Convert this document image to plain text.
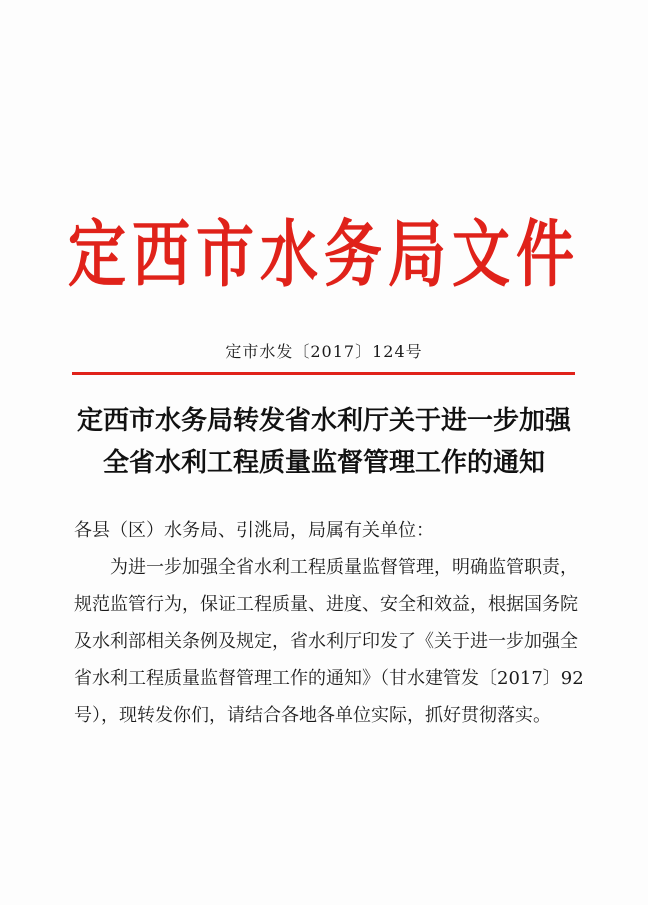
定西市水务局文件
定市水发〔2017〕124号
定西市水务局转发省水利厅关于进一步加强
全省水利工程质量监督管理工作的通知
各县（区）水务局、引洮局，局属有关单位：
为进一步加强全省水利工程质量监督管理，明确监管职责，
规范监管行为，保证工程质量、进度、安全和效益，根据国务院
及水利部相关条例及规定，省水利厅印发了《关于进一步加强全
省水利工程质量监督管理工作的通知》（甘水建管发〔2017〕92
号），现转发你们，请结合各地各单位实际，抓好贯彻落实。
